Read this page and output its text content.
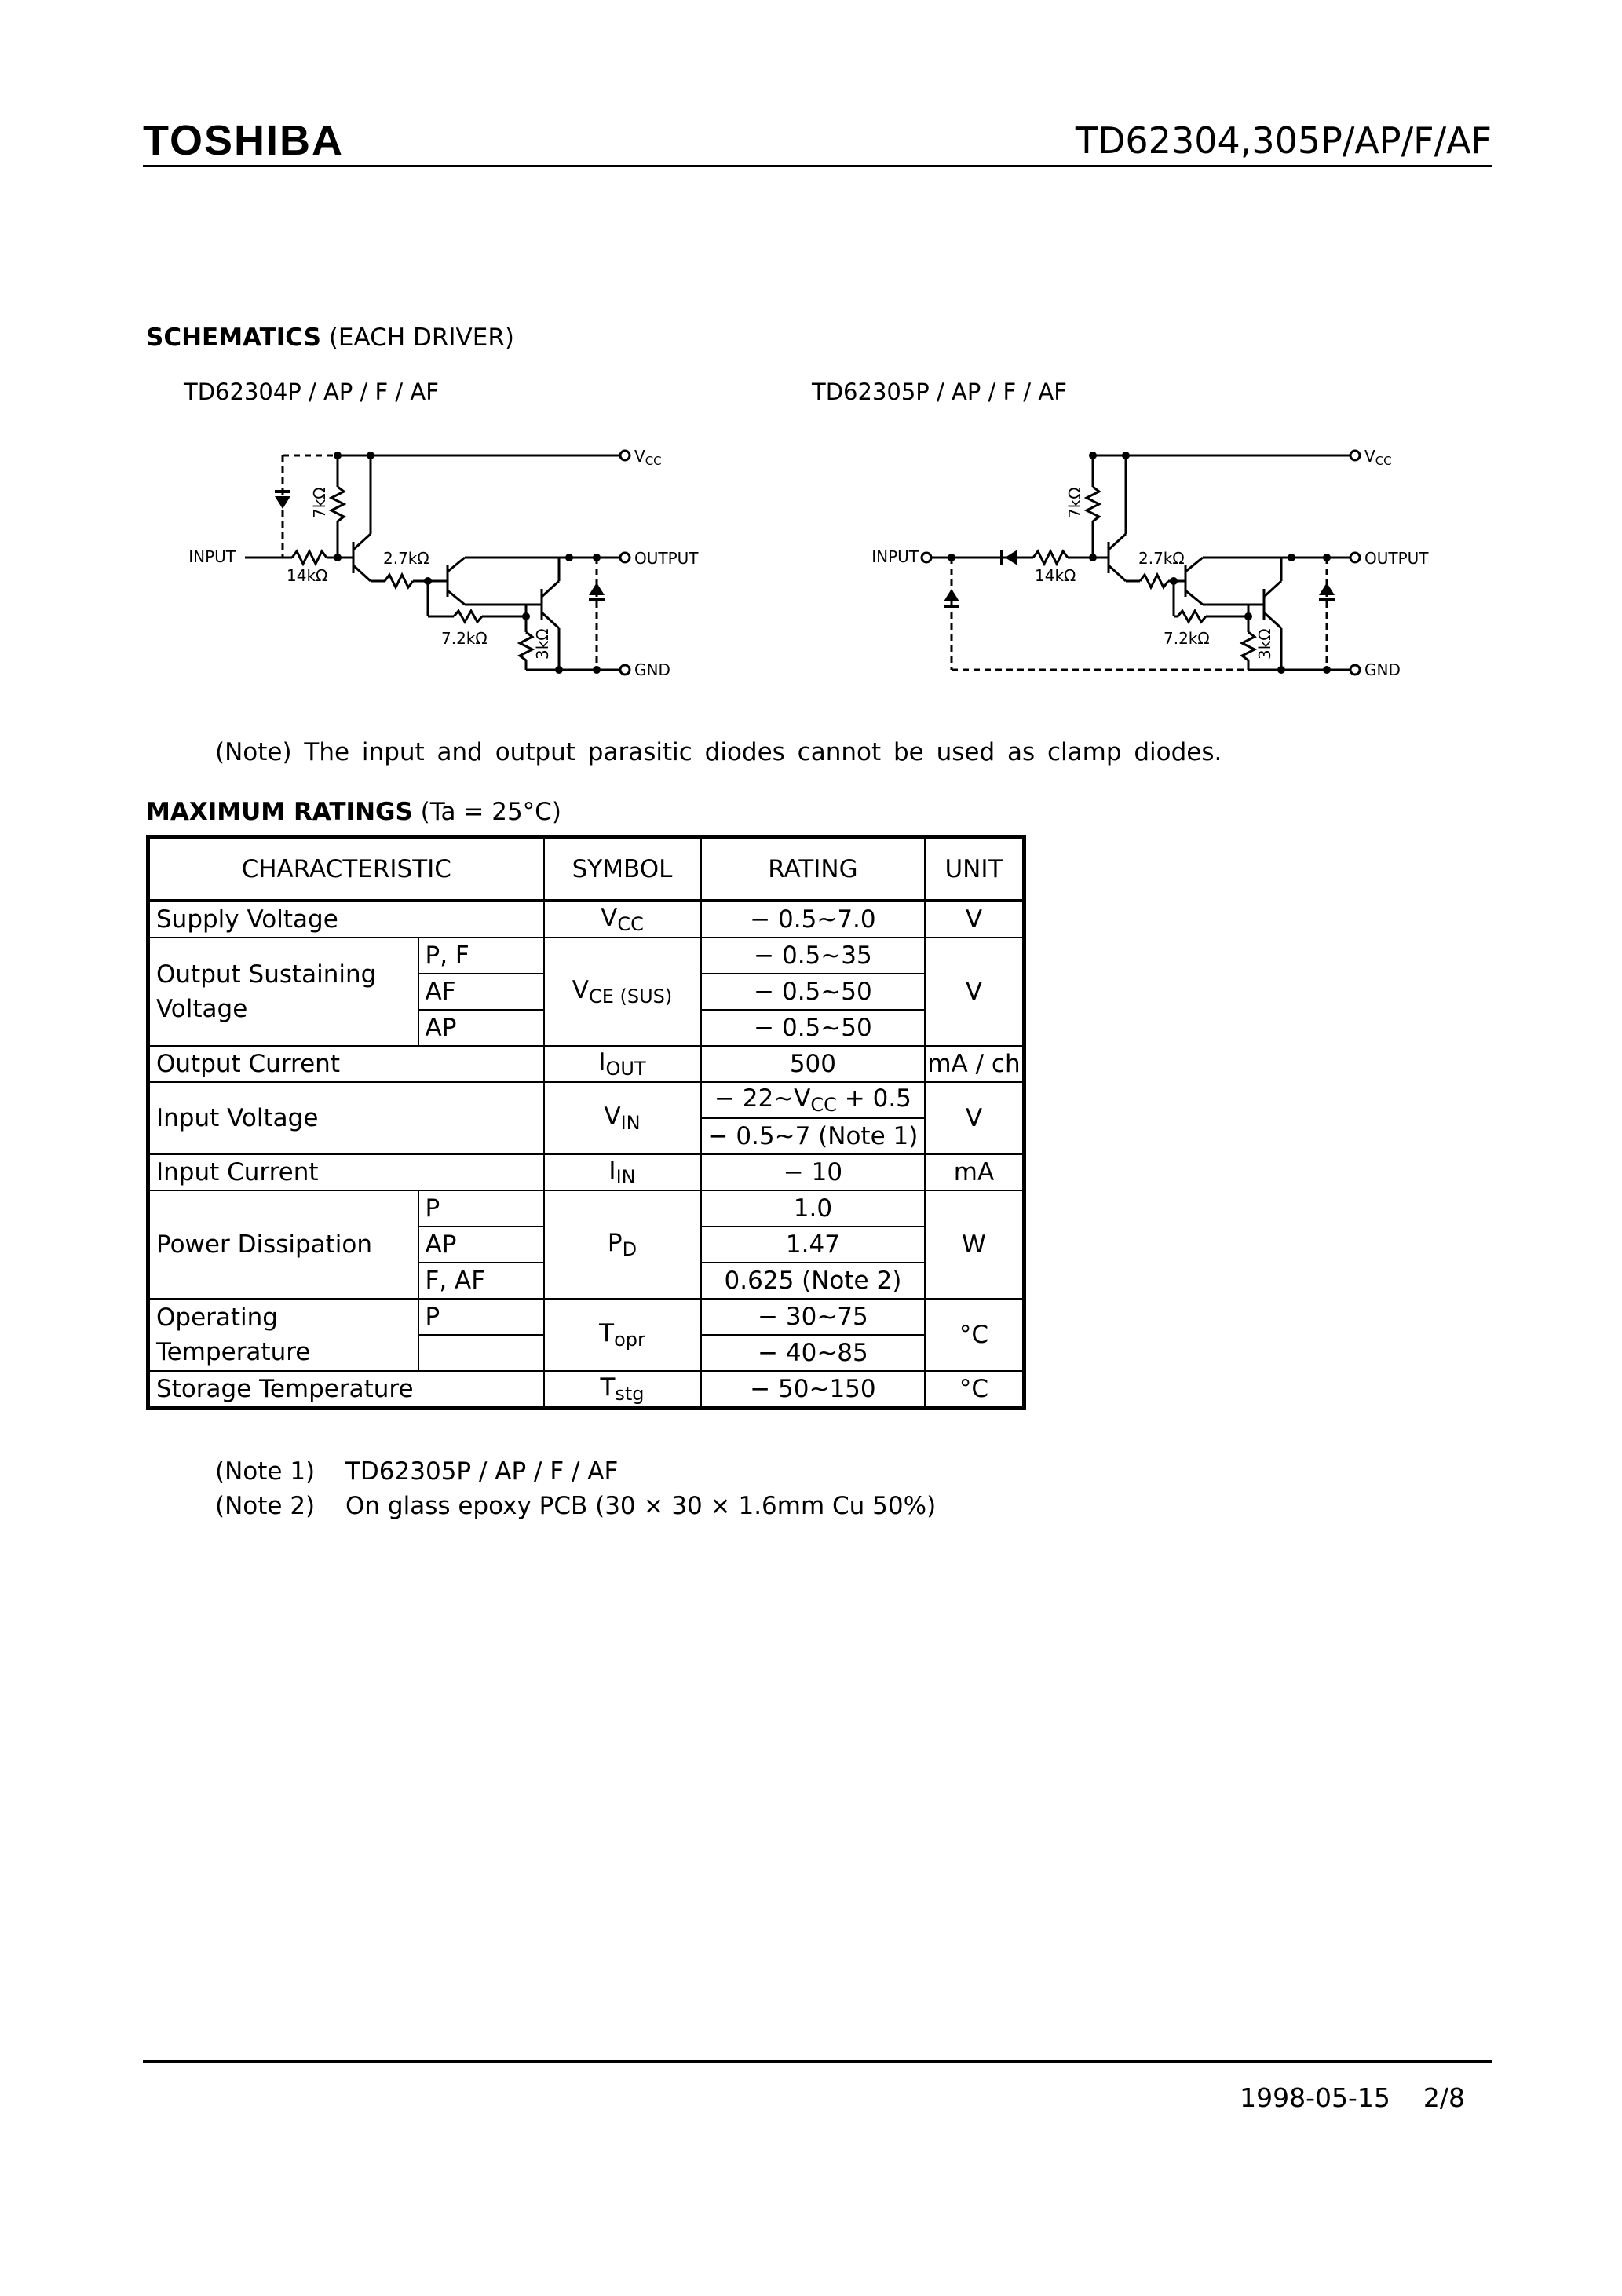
TOSHIBA	TD62304,305P/AP/F/AF
SCHEMATICS (EACH DRIVER)
TD62304P / AP / F / AF	TD62305P / AP / F / AF
INPUT
$V_{CC}$
OUTPUT
GND
14kΩ
2.7kΩ
7.2kΩ
7kΩ
3kΩ
INPUT
$V_{CC}$
OUTPUT
GND
14kΩ
2.7kΩ
7.2kΩ
7kΩ
3kΩ
(Note) The input and output parasitic diodes cannot be used as clamp diodes.
MAXIMUM RATINGS (Ta = 25°C)
CHARACTERISTIC		SYMBOL	RATING	UNIT
Supply Voltage		$V_{CC}$	− 0.5~7.0	V
Output Sustaining Voltage	P, F	$V_{CE (SUS)}$	− 0.5~35	V
	AF		− 0.5~50	
	AP		− 0.5~50	
Output Current		$I_{OUT}$	500	mA / ch
Input Voltage		$V_{IN}$	− $22\sim V_{CC} + 0.5$	V
			− 0.5~7 (Note 1)	
Input Current		$I_{IN}$	− 10	mA
Power Dissipation	P	$P_D$	1.0	W
	AP		1.47	
	F, AF		0.625 (Note 2)	
Operating Temperature	P	$T_{opr}$	− 30~75	°C
			− 40~85	
Storage Temperature		$T_{stg}$	− 50~150	°C
(Note 1) TD62305P / AP / F / AF
(Note 2) On glass epoxy PCB (30 × 30 × 1.6mm Cu 50%)
1998-05-15 2/8
